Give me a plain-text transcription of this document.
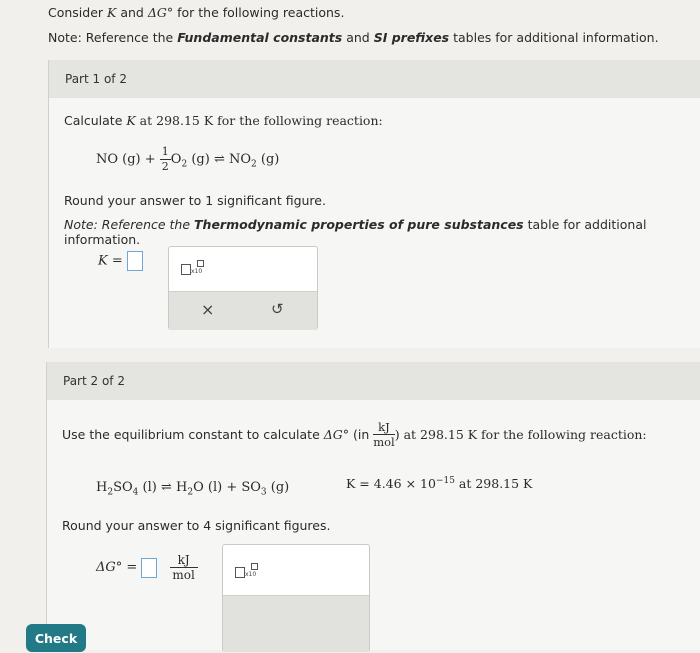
Consider K and ΔG° for the following reactions.
Note: Reference the Fundamental constants and SI prefixes tables for additional information.
Part 1 of 2
Calculate K at 298.15 K for the following reaction:
NO $(g) + \frac{1}{2} O_2$ (g) ⇌ $NO_2$ (g)
Round your answer to 1 significant figure.
Note: Reference the Thermodynamic properties of pure substances table for additional information.
K =
x10
×	↺
Part 2 of 2
Use the equilibrium constant to calculate ΔG° ($in \frac{kJ}{\text{mol}}$ ) at 298.15 K for the following reaction:
$H_2SO_4$ (l) ⇌ $H_2O$ $(l) + SO_3$ (g)	$K = 4.46 \times 10^{-15}$ at 298.15 K
Round your answer to 4 significant figures.
ΔG° =	$\frac{kJ}{\text{mol}}$	x10
Check
